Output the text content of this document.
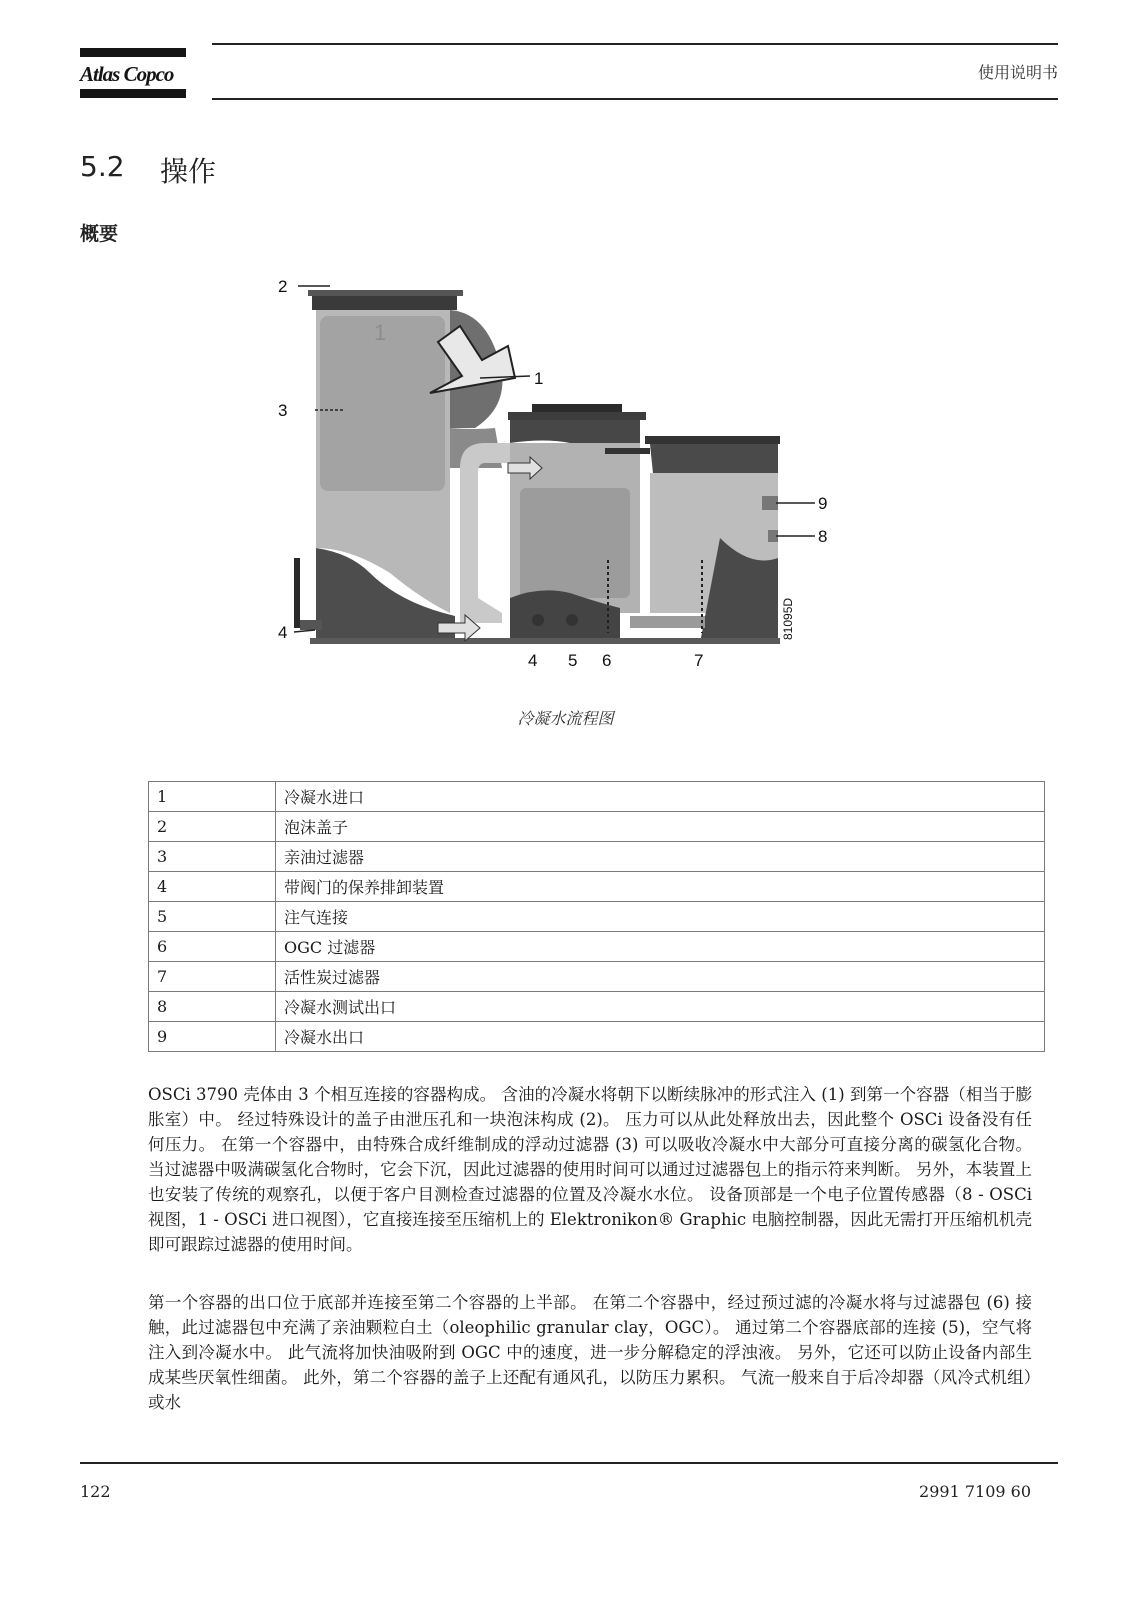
Atlas Copco	使用说明书
5.2 操作
概要
1
2
3
4
4 5 6	7
8
9
1
81095D
冷凝水流程图
1	冷凝水进口
2	泡沫盖子
3	亲油过滤器
4	带阀门的保养排卸装置
5	注气连接
6	OGC 过滤器
7	活性炭过滤器
8	冷凝水测试出口
9	冷凝水出口

OSCi 3790 壳体由 3 个相互连接的容器构成。 含油的冷凝水将朝下以断续脉冲的形式注入 (1) 到第一个容器（相当于膨胀室）中。 经过特殊设计的盖子由泄压孔和一块泡沫构成 (2)。 压力可以从此处释放出去，因此整个 OSCi 设备没有任何压力。 在第一个容器中，由特殊合成纤维制成的浮动过滤器 (3) 可以吸收冷凝水中大部分可直接分离的碳氢化合物。 当过滤器中吸满碳氢化合物时，它会下沉，因此过滤器的使用时间可以通过过滤器包上的指示符来判断。 另外，本装置上也安装了传统的观察孔，以便于客户目测检查过滤器的位置及冷凝水水位。 设备顶部是一个电子位置传感器（8 - OSCi 视图，1 - OSCi 进口视图），它直接连接至压缩机上的 Elektronikon® Graphic 电脑控制器，因此无需打开压缩机机壳即可跟踪过滤器的使用时间。

第一个容器的出口位于底部并连接至第二个容器的上半部。 在第二个容器中，经过预过滤的冷凝水将与过滤器包 (6) 接触，此过滤器包中充满了亲油颗粒白土（oleophilic granular clay，OGC）。 通过第二个容器底部的连接 (5)，空气将注入到冷凝水中。 此气流将加快油吸附到 OGC 中的速度，进一步分解稳定的浮浊液。 另外，它还可以防止设备内部生成某些厌氧性细菌。 此外，第二个容器的盖子上还配有通风孔，以防压力累积。 气流一般来自于后冷却器（风冷式机组）或水

122	2991 7109 60
